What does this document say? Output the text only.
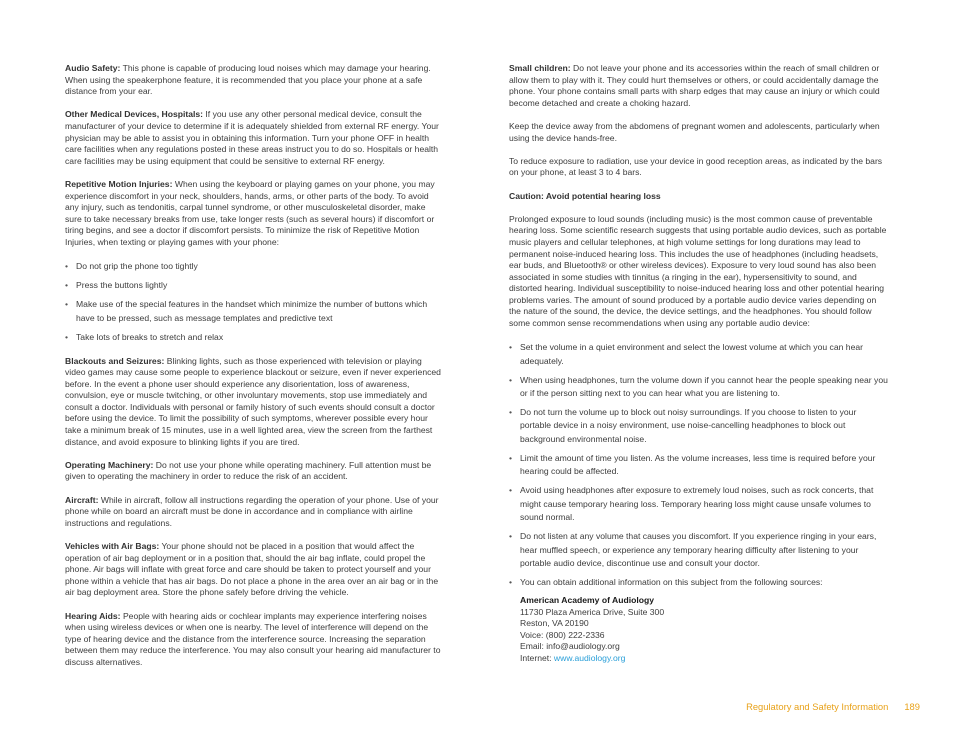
Audio Safety: This phone is capable of producing loud noises which may damage your hearing. When using the speakerphone feature, it is recommended that you place your phone at a safe distance from your ear.

Other Medical Devices, Hospitals: If you use any other personal medical device, consult the manufacturer of your device to determine if it is adequately shielded from external RF energy. Your physician may be able to assist you in obtaining this information. Turn your phone OFF in health care facilities when any regulations posted in these areas instruct you to do so. Hospitals or health care facilities may be using equipment that could be sensitive to external RF energy.

Repetitive Motion Injuries: When using the keyboard or playing games on your phone, you may experience discomfort in your neck, shoulders, hands, arms, or other parts of the body. To avoid any injury, such as tendonitis, carpal tunnel syndrome, or other musculoskeletal disorder, make sure to take necessary breaks from use, take longer rests (such as several hours) if discomfort or tiring begins, and see a doctor if discomfort persists. To minimize the risk of Repetitive Motion Injuries, when texting or playing games with your phone:

• Do not grip the phone too tightly
• Press the buttons lightly
• Make use of the special features in the handset which minimize the number of buttons which have to be pressed, such as message templates and predictive text
• Take lots of breaks to stretch and relax

Blackouts and Seizures: Blinking lights, such as those experienced with television or playing video games may cause some people to experience blackout or seizure, even if never experienced before. In the event a phone user should experience any disorientation, loss of awareness, convulsion, eye or muscle twitching, or other involuntary movements, stop use immediately and consult a doctor. Individuals with personal or family history of such events should consult a doctor before using the device. To limit the possibility of such symptoms, wherever possible every hour take a minimum break of 15 minutes, use in a well lighted area, view the screen from the farthest distance, and avoid exposure to blinking lights if you are tired.

Operating Machinery: Do not use your phone while operating machinery. Full attention must be given to operating the machinery in order to reduce the risk of an accident.

Aircraft: While in aircraft, follow all instructions regarding the operation of your phone. Use of your phone while on board an aircraft must be done in accordance and in compliance with airline instructions and regulations.

Vehicles with Air Bags: Your phone should not be placed in a position that would affect the operation of air bag deployment or in a position that, should the air bag inflate, could propel the phone. Air bags will inflate with great force and care should be taken to protect yourself and your phone within a vehicle that has air bags. Do not place a phone in the area over an air bag or in the air bag deployment area. Store the phone safely before driving the vehicle.

Hearing Aids: People with hearing aids or cochlear implants may experience interfering noises when using wireless devices or when one is nearby. The level of interference will depend on the type of hearing device and the distance from the interference source. Increasing the separation between them may reduce the interference. You may also consult your hearing aid manufacturer to discuss alternatives.

Small children: Do not leave your phone and its accessories within the reach of small children or allow them to play with it. They could hurt themselves or others, or could accidentally damage the phone. Your phone contains small parts with sharp edges that may cause an injury or which could become detached and create a choking hazard.

Keep the device away from the abdomens of pregnant women and adolescents, particularly when using the device hands-free.

To reduce exposure to radiation, use your device in good reception areas, as indicated by the bars on your phone, at least 3 to 4 bars.

Caution: Avoid potential hearing loss

Prolonged exposure to loud sounds (including music) is the most common cause of preventable hearing loss. Some scientific research suggests that using portable audio devices, such as portable music players and cellular telephones, at high volume settings for long durations may lead to permanent noise-induced hearing loss. This includes the use of headphones (including headsets, ear buds, and Bluetooth® or other wireless devices). Exposure to very loud sound has also been associated in some studies with tinnitus (a ringing in the ear), hypersensitivity to sound, and distorted hearing. Individual susceptibility to noise-induced hearing loss and other potential hearing problems varies. The amount of sound produced by a portable audio device varies depending on the nature of the sound, the device, the device settings, and the headphones. You should follow some common sense recommendations when using any portable audio device:

• Set the volume in a quiet environment and select the lowest volume at which you can hear adequately.
• When using headphones, turn the volume down if you cannot hear the people speaking near you or if the person sitting next to you can hear what you are listening to.
• Do not turn the volume up to block out noisy surroundings. If you choose to listen to your portable device in a noisy environment, use noise-cancelling headphones to block out background environmental noise.
• Limit the amount of time you listen. As the volume increases, less time is required before your hearing could be affected.
• Avoid using headphones after exposure to extremely loud noises, such as rock concerts, that might cause temporary hearing loss. Temporary hearing loss might cause unsafe volumes to sound normal.
• Do not listen at any volume that causes you discomfort. If you experience ringing in your ears, hear muffled speech, or experience any temporary hearing difficulty after listening to your portable audio device, discontinue use and consult your doctor.
• You can obtain additional information on this subject from the following sources:
American Academy of Audiology
11730 Plaza America Drive, Suite 300
Reston, VA 20190
Voice: (800) 222-2336
Email: info@audiology.org
Internet: www.audiology.org
Regulatory and Safety Information 189
